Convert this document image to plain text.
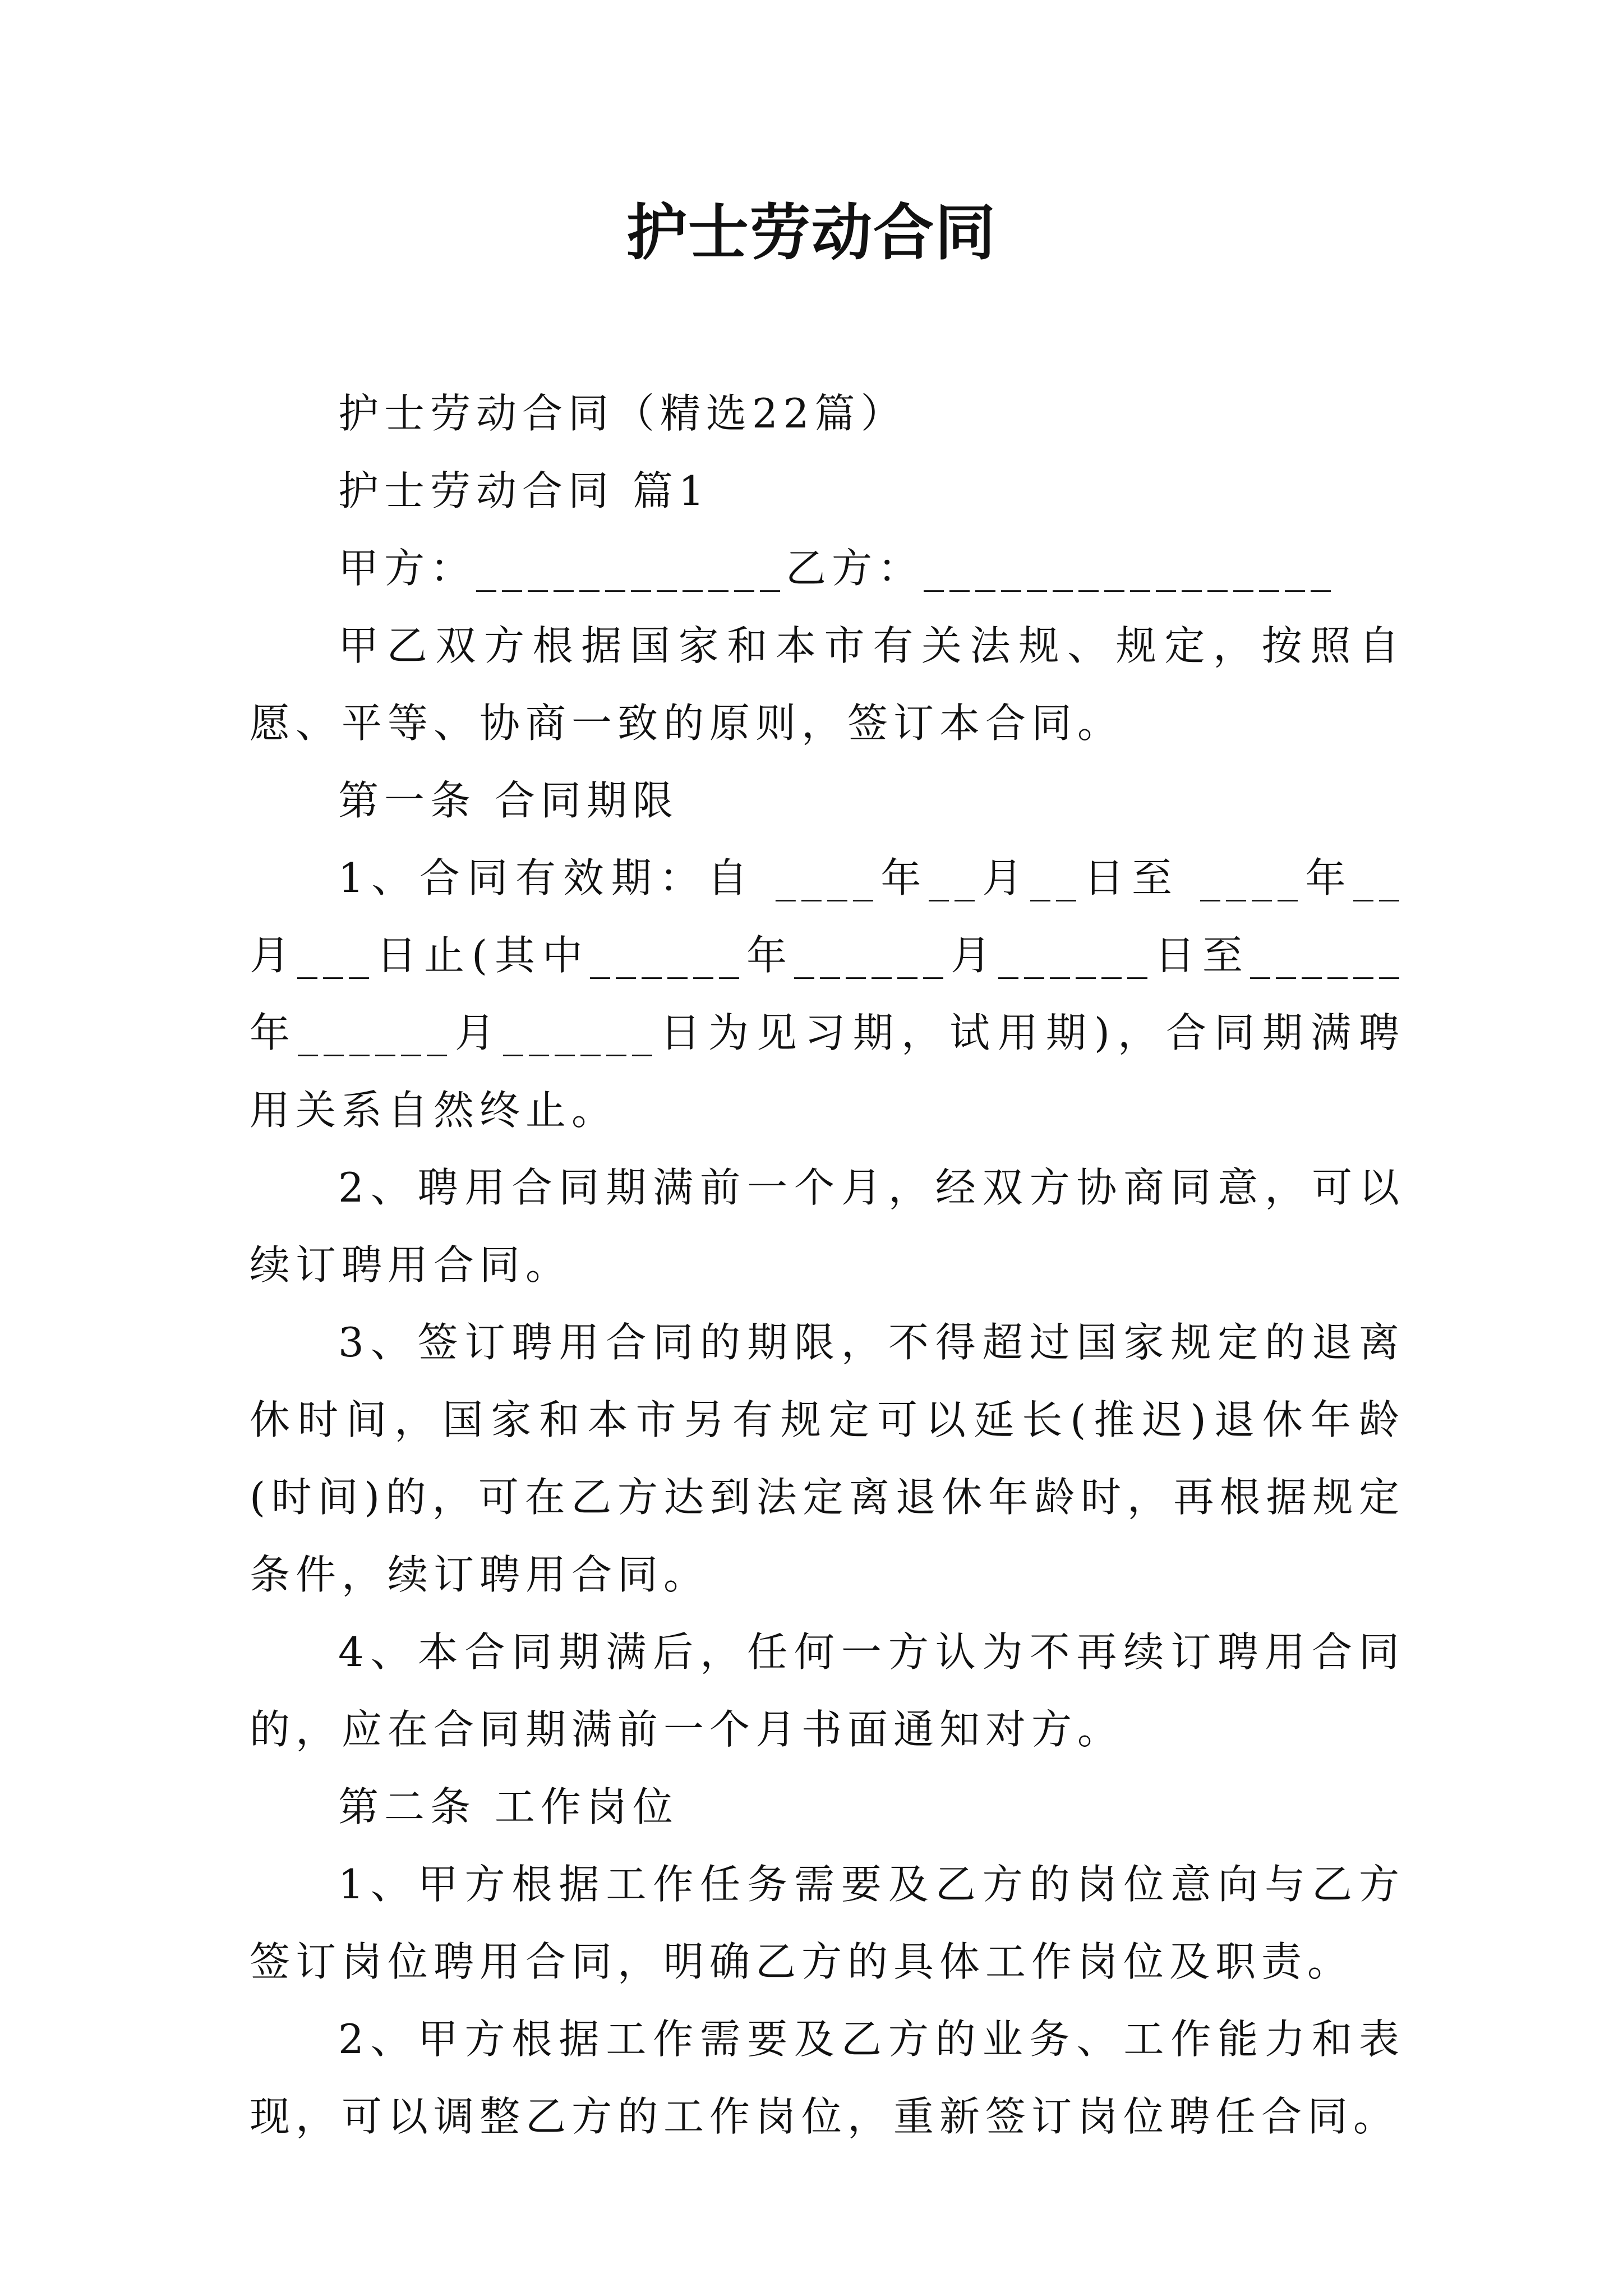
护士劳动合同

护士劳动合同（精选22篇）

护士劳动合同 篇1

甲方：____________乙方：________________

甲乙双方根据国家和本市有关法规、规定，按照自愿、平等、协商一致的原则，签订本合同。

第一条 合同期限

1、合同有效期：自 ____年__月__日至 ____年__月___日止(其中______年______月______日至______年______月______日为见习期，试用期)，合同期满聘用关系自然终止。

2、聘用合同期满前一个月，经双方协商同意，可以续订聘用合同。

3、签订聘用合同的期限，不得超过国家规定的退离休时间，国家和本市另有规定可以延长(推迟)退休年龄(时间)的，可在乙方达到法定离退休年龄时，再根据规定条件，续订聘用合同。

4、本合同期满后，任何一方认为不再续订聘用合同的，应在合同期满前一个月书面通知对方。

第二条 工作岗位

1、甲方根据工作任务需要及乙方的岗位意向与乙方签订岗位聘用合同，明确乙方的具体工作岗位及职责。

2、甲方根据工作需要及乙方的业务、工作能力和表现，可以调整乙方的工作岗位，重新签订岗位聘任合同。
